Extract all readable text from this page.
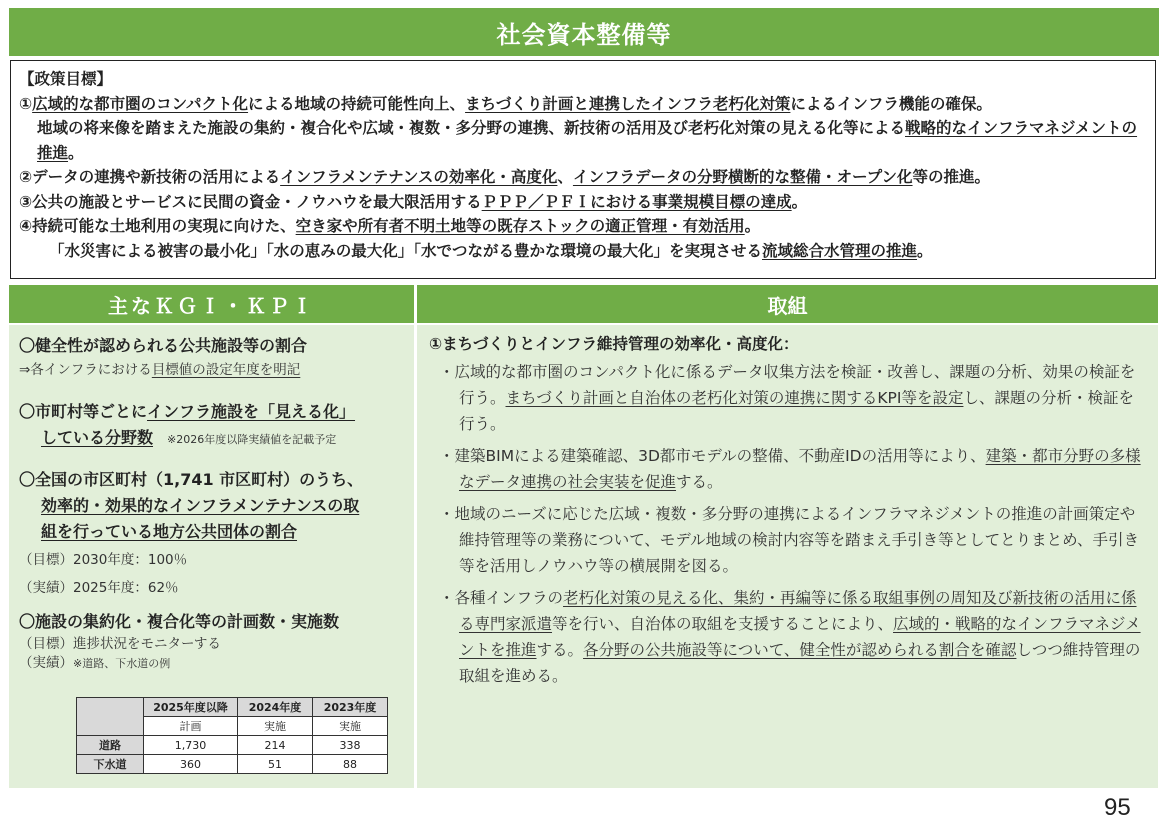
社会資本整備等

【政策目標】

①広域的な都市圏のコンパクト化による地域の持続可能性向上、まちづくり計画と連携したインフラ老朽化対策によるインフラ機能の確保。

地域の将来像を踏まえた施設の集約・複合化や広域・複数・多分野の連携、新技術の活用及び老朽化対策の見える化等による戦略的なインフラマネジメントの推進。

②データの連携や新技術の活用によるインフラメンテナンスの効率化・高度化、インフラデータの分野横断的な整備・オープン化等の推進。

③公共の施設とサービスに民間の資金・ノウハウを最大限活用するＰＰＰ／ＰＦＩにおける事業規模目標の達成。

④持続可能な土地利用の実現に向けた、空き家や所有者不明土地等の既存ストックの適正管理・有効活用。

「水災害による被害の最小化」「水の恵みの最大化」「水でつながる豊かな環境の最大化」を実現させる流域総合水管理の推進。

主なＫＧＩ・ＫＰＩ	取組

〇健全性が認められる公共施設等の割合

⇒各インフラにおける目標値の設定年度を明記

〇市町村等ごとにインフラ施設を「見える化」
している分野数 ※2026年度以降実績値を記載予定

〇全国の市区町村（1,741 市区町村）のうち、
効率的・効果的なインフラメンテナンスの取
組を行っている地方公共団体の割合

（目標）2030年度：100％

（実績）2025年度：62％

〇施設の集約化・複合化等の計画数・実施数

（目標）進捗状況をモニターする

（実績）※道路、下水道の例

	2025年度以降	2024年度	2023年度
	計画	実施	実施
道路	1,730	214	338
下水道	360	51	88

①まちづくりとインフラ維持管理の効率化・高度化：

・広域的な都市圏のコンパクト化に係るデータ収集方法を検証・改善し、課題の分析、効果の検証を行う。まちづくり計画と自治体の老朽化対策の連携に関するKPI等を設定し、課題の分析・検証を行う。

・建築BIMによる建築確認、3D都市モデルの整備、不動産IDの活用等により、建築・都市分野の多様なデータ連携の社会実装を促進する。

・地域のニーズに応じた広域・複数・多分野の連携によるインフラマネジメントの推進の計画策定や維持管理等の業務について、モデル地域の検討内容等を踏まえ手引き等としてとりまとめ、手引き等を活用しノウハウ等の横展開を図る。

・各種インフラの老朽化対策の見える化、集約・再編等に係る取組事例の周知及び新技術の活用に係る専門家派遣等を行い、自治体の取組を支援することにより、広域的・戦略的なインフラマネジメントを推進する。各分野の公共施設等について、健全性が認められる割合を確認しつつ維持管理の取組を進める。

95
